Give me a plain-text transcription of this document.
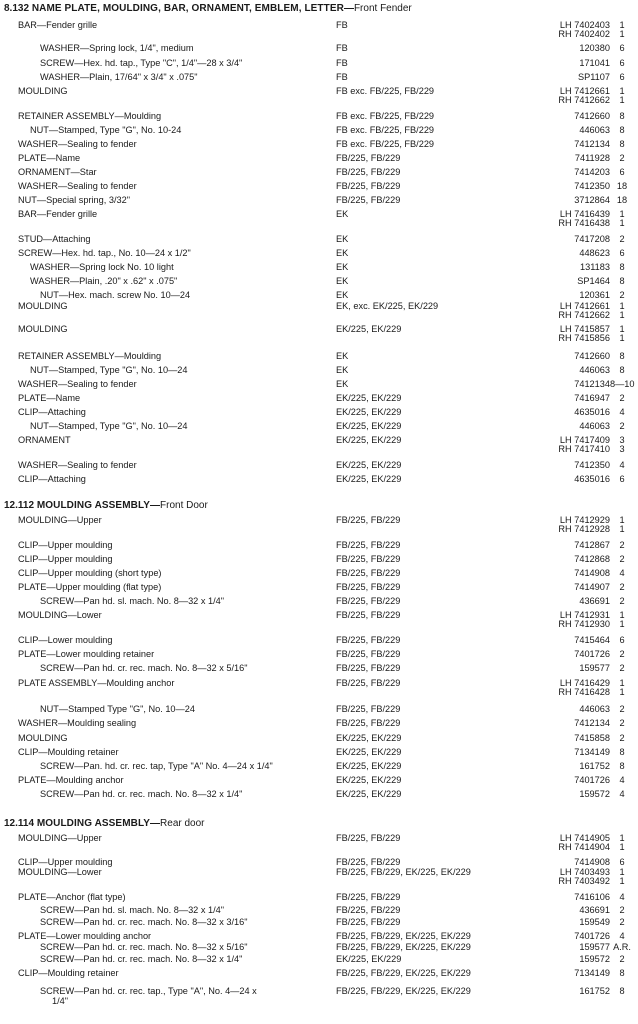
8.132 NAME PLATE, MOULDING, BAR, ORNAMENT, EMBLEM, LETTER—Front Fender
BAR—Fender grille	FB	LH 7402403	1
RH 7402402	1
WASHER—Spring lock, 1/4", medium	FB	120380	6
SCREW—Hex. hd. tap., Type "C", 1/4"—28 x 3/4"	FB	171041	6
WASHER—Plain, 17/64" x 3/4" x .075"	FB	SP1107	6
MOULDING	FB exc. FB/225, FB/229	LH 7412661	1
RH 7412662	1
RETAINER ASSEMBLY—Moulding	FB exc. FB/225, FB/229	7412660	8
NUT—Stamped, Type "G", No. 10-24	FB exc. FB/225, FB/229	446063	8
WASHER—Sealing to fender	FB exc. FB/225, FB/229	7412134	8
PLATE—Name	FB/225, FB/229	7411928	2
ORNAMENT—Star	FB/225, FB/229	7414203	6
WASHER—Sealing to fender	FB/225, FB/229	7412350 18
NUT—Special spring, 3/32"	FB/225, FB/229	3712864 18
BAR—Fender grille	EK	LH 7416439	1
RH 7416438	1
STUD—Attaching	EK	7417208	2
SCREW—Hex. hd. tap., No. 10—24 x 1/2"	EK	448623	6
WASHER—Spring lock No. 10 light	EK	131183	8
WASHER—Plain, .20" x .62" x .075"	EK	SP1464	8
NUT—Hex. mach. screw No. 10—24	EK	120361	2
MOULDING	EK, exc. EK/225, EK/229	LH 7412661	1
RH 7412662	1
MOULDING	EK/225, EK/229	LH 7415857	1
RH 7415856	1
RETAINER ASSEMBLY—Moulding	EK	7412660	8
NUT—Stamped, Type "G", No. 10—24	EK	446063	8
WASHER—Sealing to fender	EK	7412134 8—10
PLATE—Name	EK/225, EK/229	7416947	2
CLIP—Attaching	EK/225, EK/229	4635016	4
NUT—Stamped, Type "G", No. 10—24	EK/225, EK/229	446063	2
ORNAMENT	EK/225, EK/229	LH 7417409	3
RH 7417410	3
WASHER—Sealing to fender	EK/225, EK/229	7412350	4
CLIP—Attaching	EK/225, EK/229	4635016	6
12.112 MOULDING ASSEMBLY—Front Door
MOULDING—Upper	FB/225, FB/229	LH 7412929	1
RH 7412928	1
CLIP—Upper moulding	FB/225, FB/229	7412867	2
CLIP—Upper moulding	FB/225, FB/229	7412868	2
CLIP—Upper moulding (short type)	FB/225, FB/229	7414908	4
PLATE—Upper moulding (flat type)	FB/225, FB/229	7414907	2
SCREW—Pan hd. sl. mach. No. 8—32 x 1/4"	FB/225, FB/229	436691	2
MOULDING—Lower	FB/225, FB/229	LH 7412931	1
RH 7412930	1
CLIP—Lower moulding	FB/225, FB/229	7415464	6
PLATE—Lower moulding retainer	FB/225, FB/229	7401726	2
SCREW—Pan hd. cr. rec. mach. No. 8—32 x 5/16"	FB/225, FB/229	159577	2
PLATE ASSEMBLY—Moulding anchor	FB/225, FB/229	LH 7416429	1
RH 7416428	1
NUT—Stamped Type "G", No. 10—24	FB/225, FB/229	446063	2
WASHER—Moulding sealing	FB/225, FB/229	7412134	2
MOULDING	EK/225, EK/229	7415858	2
CLIP—Moulding retainer	EK/225, EK/229	7134149	8
SCREW—Pan. hd. cr. rec. tap, Type "A" No. 4—24 x 1/4"	EK/225, EK/229	161752	8
PLATE—Moulding anchor	EK/225, EK/229	7401726	4
SCREW—Pan hd. cr. rec. mach. No. 8—32 x 1/4"	EK/225, EK/229	159572	4
12.114 MOULDING ASSEMBLY—Rear door
MOULDING—Upper	FB/225, FB/229	LH 7414905	1
RH 7414904	1
CLIP—Upper moulding	FB/225, FB/229	7414908	6
MOULDING—Lower	FB/225, FB/229, EK/225, EK/229	LH 7403493	1
RH 7403492	1
PLATE—Anchor (flat type)	FB/225, FB/229	7416106	4
SCREW—Pan hd. sl. mach. No. 8—32 x 1/4"	FB/225, FB/229	436691	2
SCREW—Pan hd. cr. rec. mach. No. 8—32 x 3/16"	FB/225, FB/229	159549	2
PLATE—Lower moulding anchor	FB/225, FB/229, EK/225, EK/229	7401726	4
SCREW—Pan hd. cr. rec. mach. No. 8—32 x 5/16"	FB/225, FB/229, EK/225, EK/229	159577 A.R.
SCREW—Pan hd. cr. rec. mach. No. 8—32 x 1/4"	EK/225, EK/229	159572	2
CLIP—Moulding retainer	FB/225, FB/229, EK/225, EK/229	7134149	8
SCREW—Pan hd. cr. rec. tap., Type "A", No. 4—24 x
1/4"
FB/225, FB/229, EK/225, EK/229	161752	8
